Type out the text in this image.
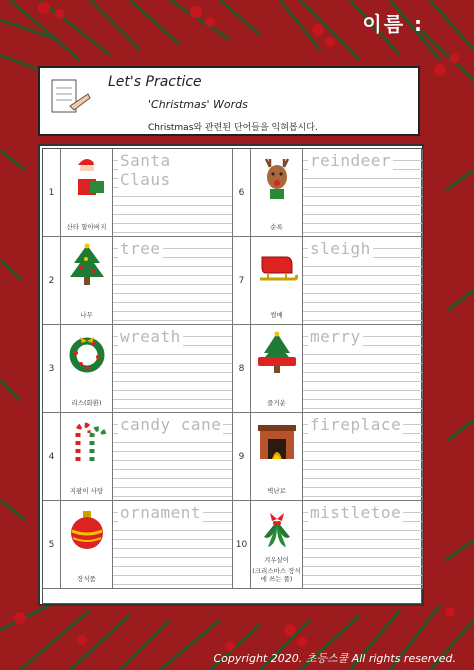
이름 :
Let's Practice
'Christmas' Words
Christmas와 관련된 단어들을 익혀봅시다.
1
산타 할아버지
Santa Claus
2
나무
tree
3
리스(화환)
wreath
4
지팡이 사탕
candy cane
5
장식품
ornament
6
순록
reindeer
7
썰매
sleigh
8
즐거운
merry
9
벽난로
fireplace
10
겨우살이
(크리스마스 장식에 쓰는 풀)
mistletoe
Copyright 2020. 초등스쿨 All rights reserved.
